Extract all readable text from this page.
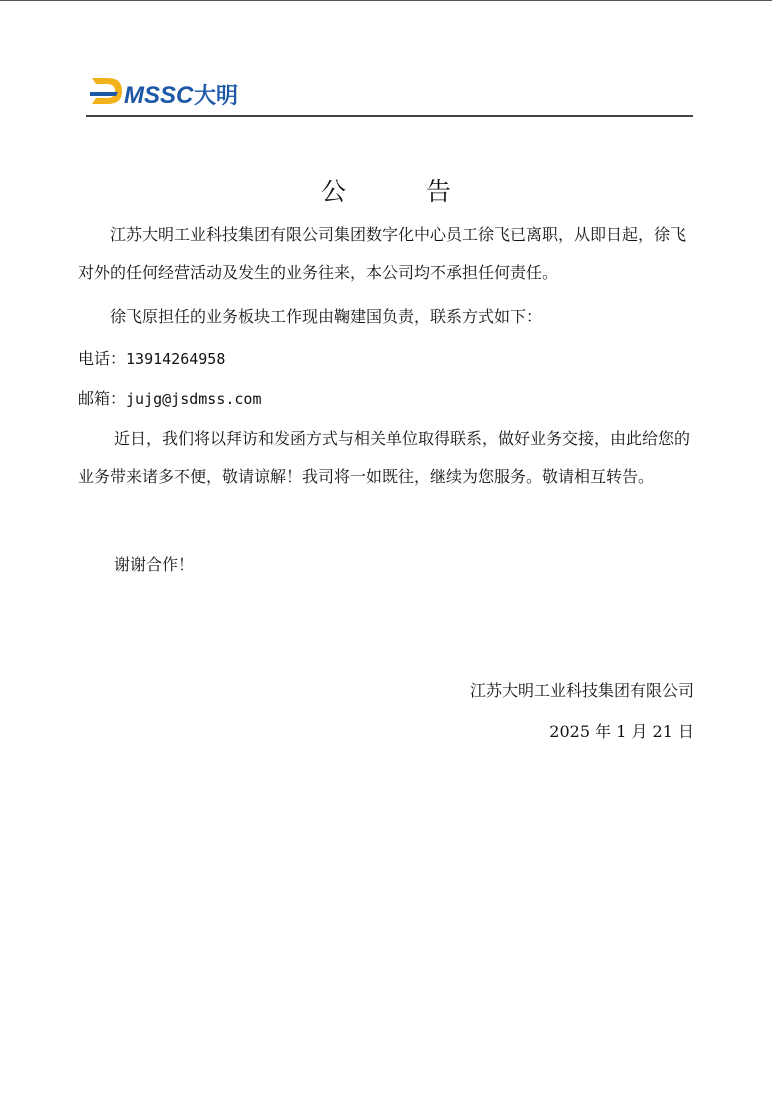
MSSC 大明
公 告
江苏大明工业科技集团有限公司集团数字化中心员工徐飞已离职，从即日起，徐飞对外的任何经营活动及发生的业务往来，本公司均不承担任何责任。
徐飞原担任的业务板块工作现由鞠建国负责，联系方式如下：
电话：13914264958
邮箱：jujg@jsdmss.com
近日，我们将以拜访和发函方式与相关单位取得联系，做好业务交接，由此给您的业务带来诸多不便，敬请谅解！我司将一如既往，继续为您服务。敬请相互转告。
谢谢合作！
江苏大明工业科技集团有限公司
2025 年 1 月 21 日
